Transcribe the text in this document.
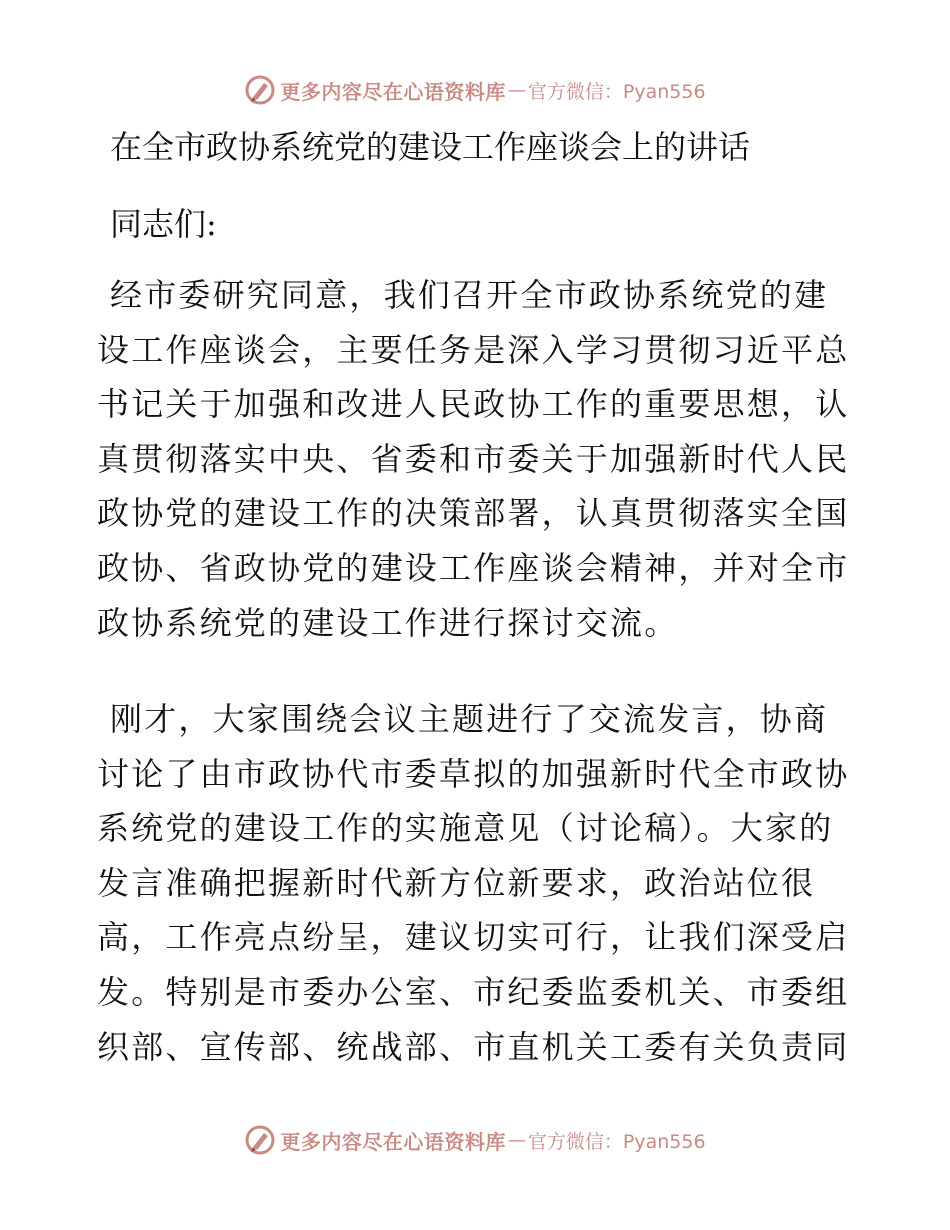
更多内容尽在心语资料库 — 官方微信：Pyan556
在全市政协系统党的建设工作座谈会上的讲话

同志们:

经市委研究同意，我们召开全市政协系统党的建设工作座谈会，主要任务是深入学习贯彻习近平总书记关于加强和改进人民政协工作的重要思想，认真贯彻落实中央、省委和市委关于加强新时代人民政协党的建设工作的决策部署，认真贯彻落实全国政协、省政协党的建设工作座谈会精神，并对全市政协系统党的建设工作进行探讨交流。

刚才，大家围绕会议主题进行了交流发言，协商讨论了由市政协代市委草拟的加强新时代全市政协系统党的建设工作的实施意见（讨论稿）。大家的发言准确把握新时代新方位新要求，政治站位很高，工作亮点纷呈，建议切实可行，让我们深受启发。特别是市委办公室、市纪委监委机关、市委组织部、宣传部、统战部、市直机关工委有关负责同

更多内容尽在心语资料库 — 官方微信：Pyan556
